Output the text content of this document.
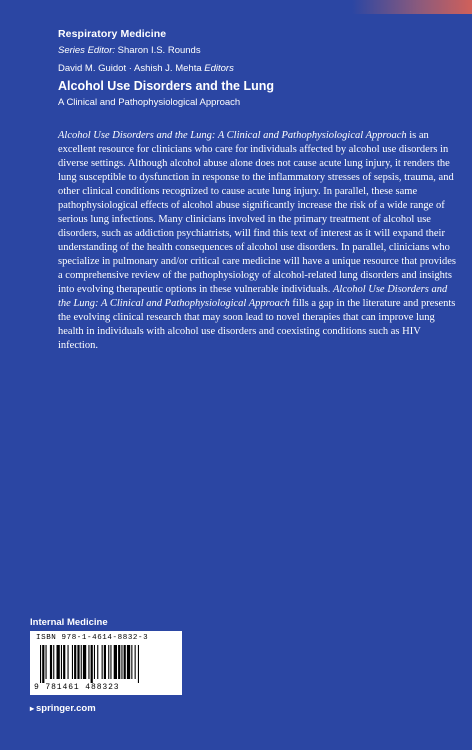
Respiratory Medicine
Series Editor: Sharon I.S. Rounds
David M. Guidot · Ashish J. Mehta Editors
Alcohol Use Disorders and the Lung
A Clinical and Pathophysiological Approach

Alcohol Use Disorders and the Lung: A Clinical and Pathophysiological Approach is an excellent resource for clinicians who care for individuals affected by alcohol use disorders in diverse settings. Although alcohol abuse alone does not cause acute lung injury, it renders the lung susceptible to dysfunction in response to the inflammatory stresses of sepsis, trauma, and other clinical conditions recognized to cause acute lung injury. In parallel, these same pathophysiological effects of alcohol abuse significantly increase the risk of a wide range of serious lung infections. Many clinicians involved in the primary treatment of alcohol use disorders, such as addiction psychiatrists, will find this text of interest as it will expand their understanding of the health consequences of alcohol use disorders. In parallel, clinicians who specialize in pulmonary and/or critical care medicine will have a unique resource that provides a comprehensive review of the pathophysiology of alcohol-related lung disorders and insights into evolving therapeutic options in these vulnerable individuals. Alcohol Use Disorders and the Lung: A Clinical and Pathophysiological Approach fills a gap in the literature and presents the evolving clinical research that may soon lead to novel therapies that can improve lung health in individuals with alcohol use disorders and coexisting conditions such as HIV infection.

Internal Medicine
ISBN 978-1-4614-8832-3
9 781461 488323
▸ springer.com
